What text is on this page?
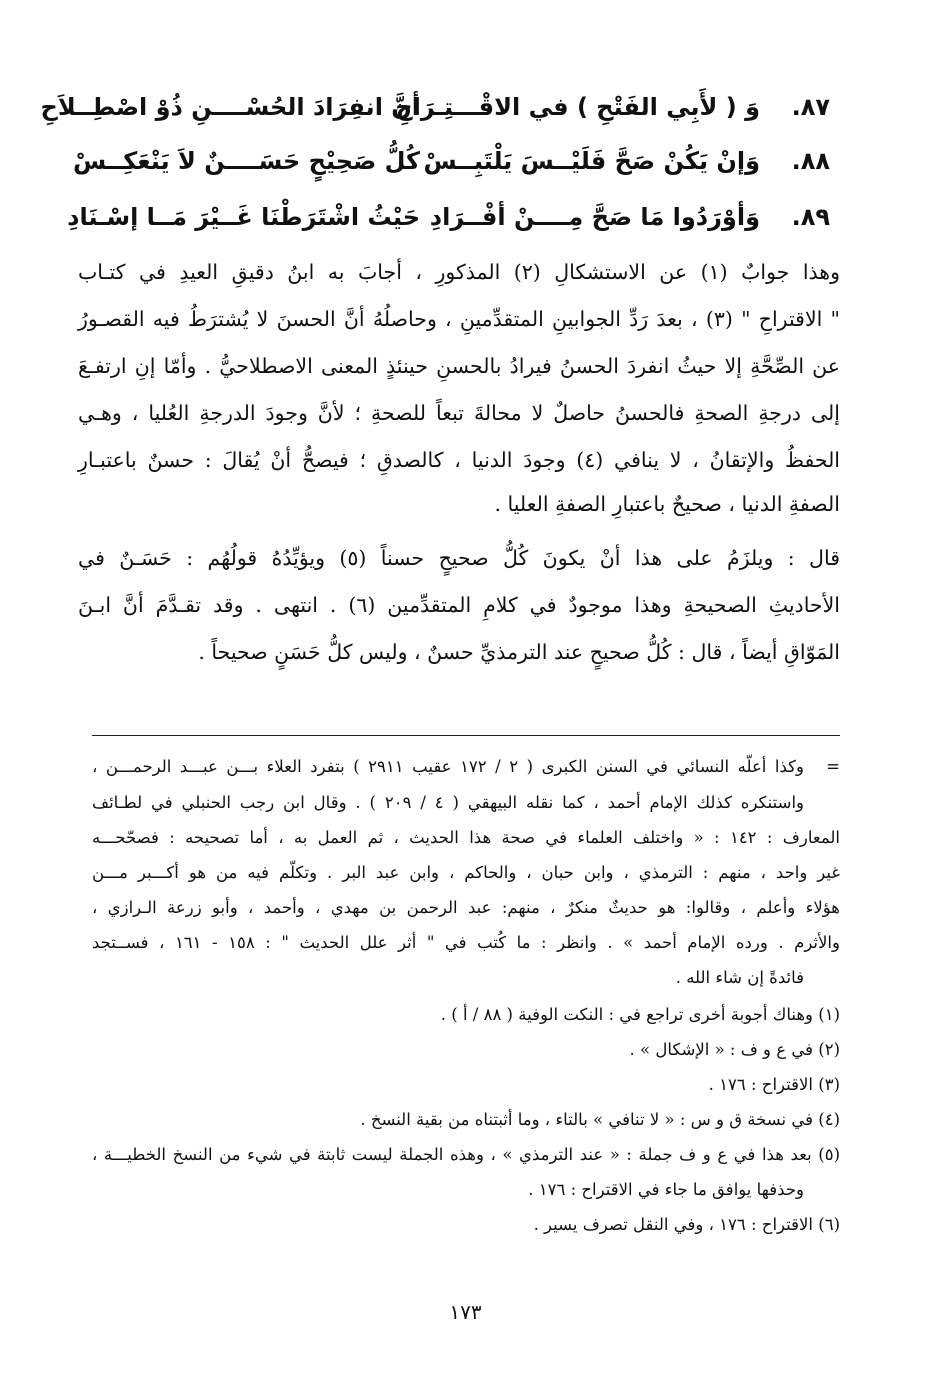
٨٧.
وَ ( لأَبِي الفَتْحِ ) في الاقْـــتِـرَاحِ
أنَّ انفِرَادَ الحُسْــــنِ ذُوْ اصْطِــلاَحِ
٨٨.
وَإنْ يَكُنْ صَحَّ فَلَيْــسَ يَلْتَبِــسْ
كُلُّ صَحِيْحٍ حَسَــــنٌ لاَ يَنْعَكِــسْ
٨٩.
وَأوْرَدُوا مَا صَحَّ مِــــنْ أفْــرَادِ
حَيْثُ اشْتَرَطْنَا غَــيْرَ مَــا إسْـنَادِ
وهذا جوابٌ (١) عن الاستشكالِ (٢) المذكورِ ، أجابَ به ابنُ دقيقِ العيدِ في كتـاب
" الاقتراحِ " (٣) ، بعدَ رَدِّ الجوابينِ المتقدِّمينِ ، وحاصلُهُ أنَّ الحسنَ لا يُشترَطُ فيه القصـورُ
عن الصِّحَّةِ إلا حيثُ انفردَ الحسنُ فيرادُ بالحسنِ حينئذٍ المعنى الاصطلاحيُّ . وأمّا إنِ ارتفـعَ
إلى درجةِ الصحةِ فالحسنُ حاصلٌ لا محالةَ تبعاً للصحةِ ؛ لأنَّ وجودَ الدرجةِ العُليا ، وهـي
الحفظُ والإتقانُ ، لا ينافي (٤) وجودَ الدنيا ، كالصدقِ ؛ فيصحُّ أنْ يُقالَ : حسنٌ باعتبـارِ
الصفةِ الدنيا ، صحيحٌ باعتبارِ الصفةِ العليا .
قال : ويلزَمُ على هذا أنْ يكونَ كُلُّ صحيحٍ حسناً (٥) ويؤيِّدُهُ قولُهُم : حَسَـنٌ في
الأحاديثِ الصحيحةِ وهذا موجودٌ في كلامِ المتقدِّمين (٦) . انتهى . وقد تقـدَّمَ أنَّ ابـنَ
المَوّاقِ أيضاً ، قال : كُلُّ صحيحٍ عند الترمذيِّ حسنٌ ، وليس كلُّ حَسَنٍ صحيحاً .
=
وكذا أعلّه النسائي في السنن الكبرى ( ٢ / ١٧٢ عقيب ٢٩١١ ) بتفرد العلاء بـــن عبـــد الرحمـــن ،
واستنكره كذلك الإمام أحمد ، كما نقله البيهقي ( ٤ / ٢٠٩ ) . وقال ابن رجب الحنبلي في لطـائف
المعارف : ١٤٢ : « واختلف العلماء في صحة هذا الحديث ، ثم العمل به ، أما تصحيحه : فصحّحـــه
غير واحد ، منهم : الترمذي ، وابن حبان ، والحاكم ، وابن عبد البر . وتكلّم فيه من هو أكـــبر مـــن
هؤلاء وأعلم ، وقالوا: هو حديثٌ منكرٌ ، منهم: عبد الرحمن بن مهدي ، وأحمد ، وأبو زرعة الـرازي ،
والأثرم . ورده الإمام أحمد » . وانظر : ما كُتب في " أثر علل الحديث " : ١٥٨ - ١٦١ ، فســتجد
فائدةً إن شاء الله .
(١) وهناك أجوبة أخرى تراجع في : النكت الوفية ( ٨٨ / أ ) .
(٢) في ع و ف : « الإشكال » .
(٣) الاقتراح : ١٧٦ .
(٤) في نسخة ق و س : « لا تنافي » بالتاء ، وما أثبتناه من بقية النسخ .
(٥) بعد هذا في ع و ف جملة : « عند الترمذي » ، وهذه الجملة ليست ثابتة في شيء من النسخ الخطيـــة ،
وحذفها يوافق ما جاء في الاقتراح : ١٧٦ .
(٦) الاقتراح : ١٧٦ ، وفي النقل تصرف يسير .
١٧٣
